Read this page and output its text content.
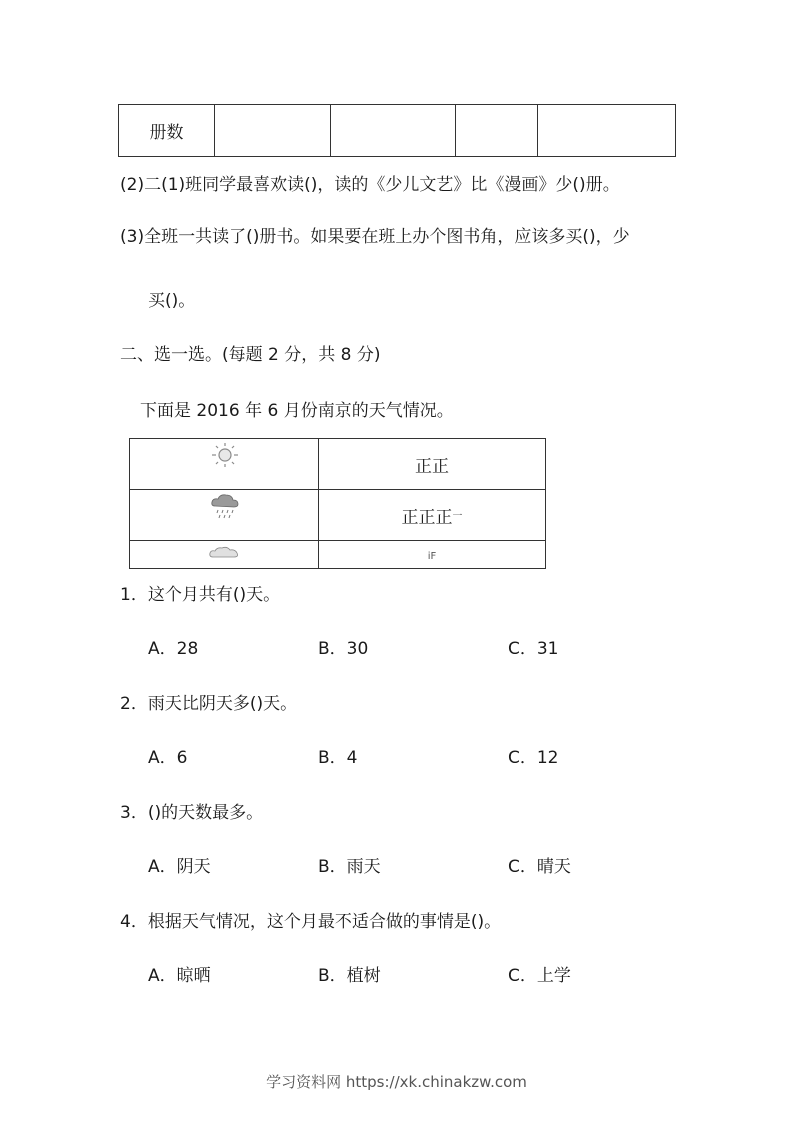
册数				
(2)二(1)班同学最喜欢读()，读的《少儿文艺》比《漫画》少()册。
(3)全班一共读了()册书。如果要在班上办个图书角，应该多买()，少
买()。
二、选一选。(每题 2 分，共 8 分)
下面是 2016 年 6 月份南京的天气情况。
	正正

	正正正$^一$

	iF
1．这个月共有()天。
A．28	B．30	C．31
2．雨天比阴天多()天。
A．6	B．4	C．12
3．()的天数最多。
A．阴天	B．雨天	C．晴天
4．根据天气情况，这个月最不适合做的事情是()。
A．晾晒	B．植树	C．上学
学习资料网 https://xk.chinakzw.com
